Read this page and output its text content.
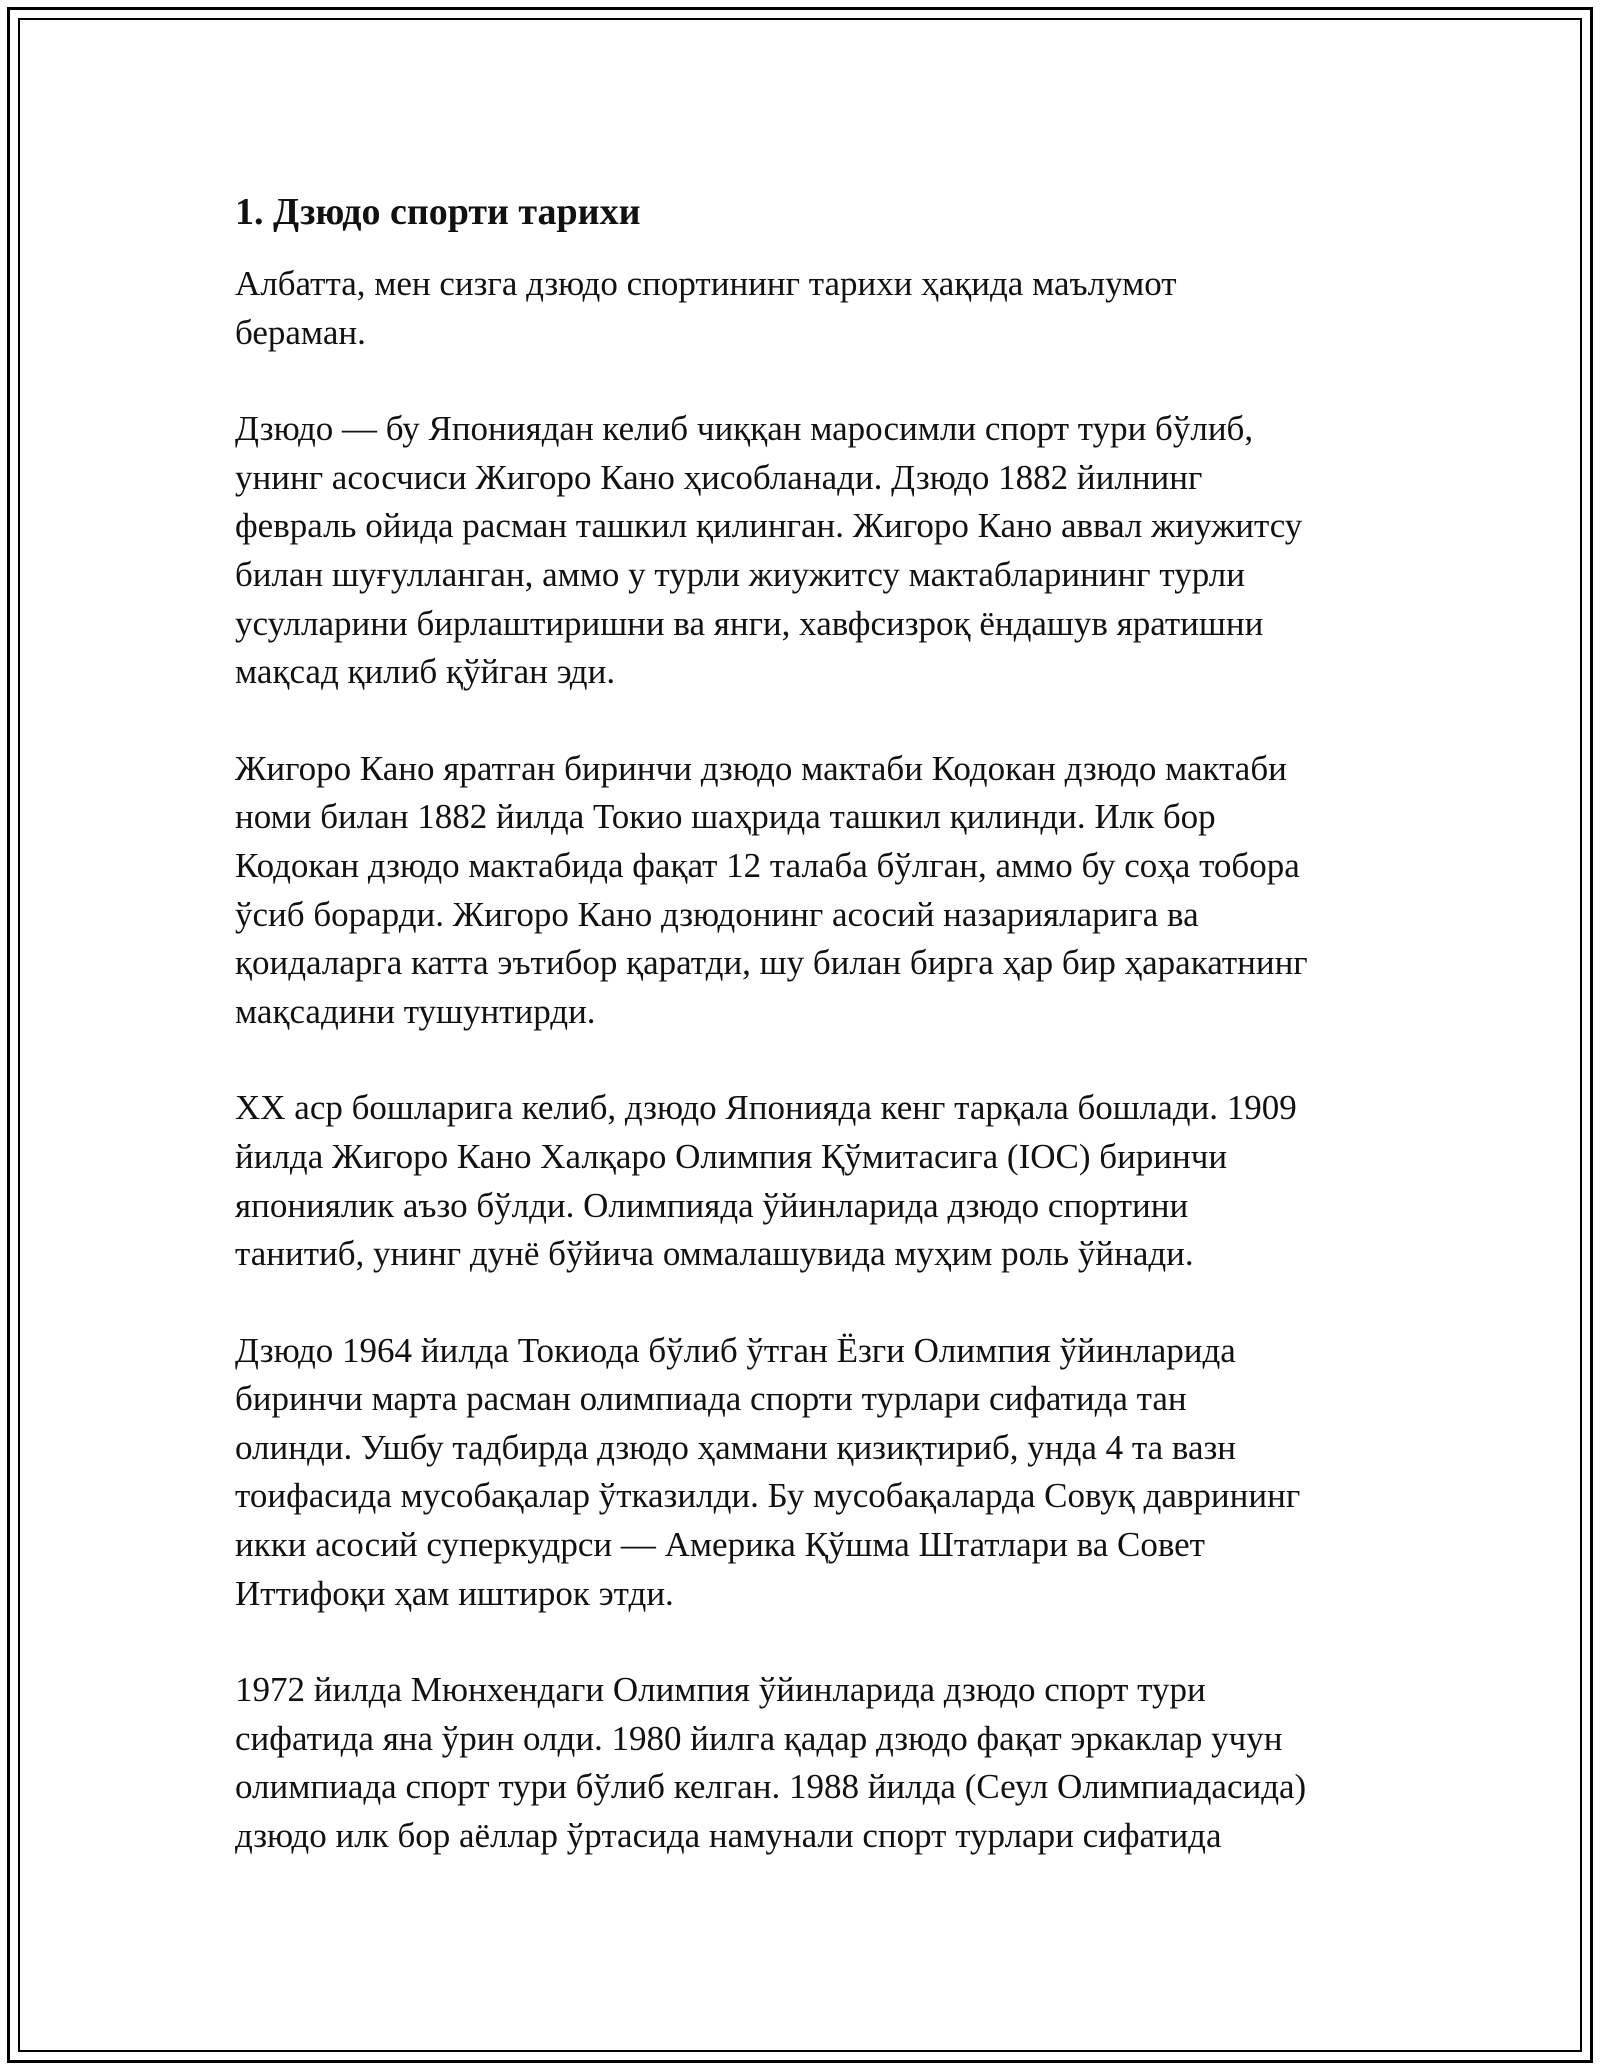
1. Дзюдо спорти тарихи

Албатта, мен сизга дзюдо спортининг тарихи ҳақида маълумот
бераман.

Дзюдо — бу Япониядан келиб чиққан маросимли спорт тури бўлиб,
унинг асосчиси Жигоро Кано ҳисобланади. Дзюдо 1882 йилнинг
февраль ойида расман ташкил қилинган. Жигоро Кано аввал жиужитсу
билан шуғулланган, аммо у турли жиужитсу мактабларининг турли
усулларини бирлаштиришни ва янги, хавфсизроқ ёндашув яратишни
мақсад қилиб қўйган эди.

Жигоро Кано яратган биринчи дзюдо мактаби Кодокан дзюдо мактаби
номи билан 1882 йилда Токио шаҳрида ташкил қилинди. Илк бор
Кодокан дзюдо мактабида фақат 12 талаба бўлган, аммо бу соҳа тобора
ўсиб борарди. Жигоро Кано дзюдонинг асосий назарияларига ва
қоидаларга катта эътибор қаратди, шу билан бирга ҳар бир ҳаракатнинг
мақсадини тушунтирди.

XX аср бошларига келиб, дзюдо Японияда кенг тарқала бошлади. 1909
йилда Жигоро Кано Халқаро Олимпия Қўмитасига (IOC) биринчи
япониялик аъзо бўлди. Олимпияда ўйинларида дзюдо спортини
танитиб, унинг дунё бўйича оммалашувида муҳим роль ўйнади.

Дзюдо 1964 йилда Токиода бўлиб ўтган Ёзги Олимпия ўйинларида
биринчи марта расман олимпиада спорти турлари сифатида тан
олинди. Ушбу тадбирда дзюдо ҳаммани қизиқтириб, унда 4 та вазн
тоифасида мусобақалар ўтказилди. Бу мусобақаларда Совуқ даврининг
икки асосий суперкудрси — Америка Қўшма Штатлари ва Совет
Иттифоқи ҳам иштирок этди.

1972 йилда Мюнхендаги Олимпия ўйинларида дзюдо спорт тури
сифатида яна ўрин олди. 1980 йилга қадар дзюдо фақат эркаклар учун
олимпиада спорт тури бўлиб келган. 1988 йилда (Сеул Олимпиадасида)
дзюдо илк бор аёллар ўртасида намунали спорт турлари сифатида
